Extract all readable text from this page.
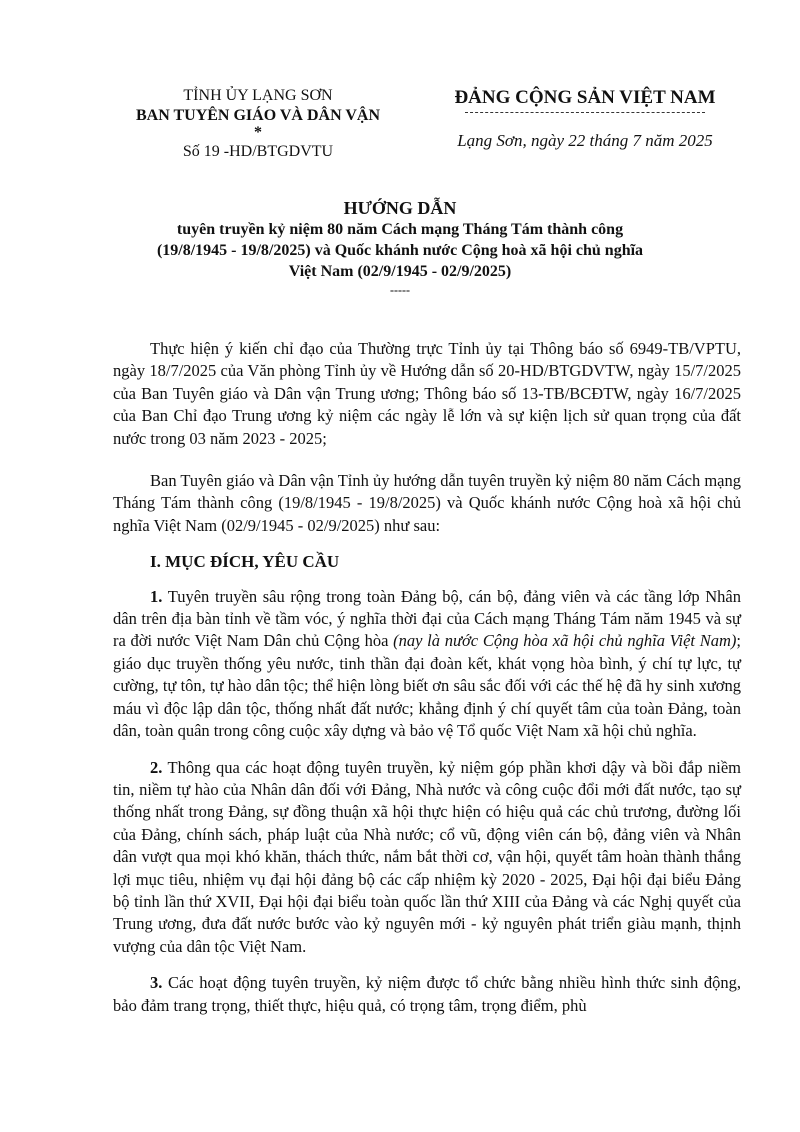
TỈNH ỦY LẠNG SƠN
BAN TUYÊN GIÁO VÀ DÂN VẬN
*
Số 19 -HD/BTGDVTU
ĐẢNG CỘNG SẢN VIỆT NAM
Lạng Sơn, ngày 22 tháng 7 năm 2025
HƯỚNG DẪN
tuyên truyền kỷ niệm 80 năm Cách mạng Tháng Tám thành công
(19/8/1945 - 19/8/2025) và Quốc khánh nước Cộng hoà xã hội chủ nghĩa
Việt Nam (02/9/1945 - 02/9/2025)
-----

Thực hiện ý kiến chỉ đạo của Thường trực Tỉnh ủy tại Thông báo số 6949-TB/VPTU, ngày 18/7/2025 của Văn phòng Tỉnh ủy về Hướng dẫn số 20-HD/BTGDVTW, ngày 15/7/2025 của Ban Tuyên giáo và Dân vận Trung ương; Thông báo số 13-TB/BCĐTW, ngày 16/7/2025 của Ban Chỉ đạo Trung ương kỷ niệm các ngày lễ lớn và sự kiện lịch sử quan trọng của đất nước trong 03 năm 2023 - 2025;

Ban Tuyên giáo và Dân vận Tỉnh ủy hướng dẫn tuyên truyền kỷ niệm 80 năm Cách mạng Tháng Tám thành công (19/8/1945 - 19/8/2025) và Quốc khánh nước Cộng hoà xã hội chủ nghĩa Việt Nam (02/9/1945 - 02/9/2025) như sau:

I. MỤC ĐÍCH, YÊU CẦU

1. Tuyên truyền sâu rộng trong toàn Đảng bộ, cán bộ, đảng viên và các tầng lớp Nhân dân trên địa bàn tỉnh về tầm vóc, ý nghĩa thời đại của Cách mạng Tháng Tám năm 1945 và sự ra đời nước Việt Nam Dân chủ Cộng hòa (nay là nước Cộng hòa xã hội chủ nghĩa Việt Nam); giáo dục truyền thống yêu nước, tinh thần đại đoàn kết, khát vọng hòa bình, ý chí tự lực, tự cường, tự tôn, tự hào dân tộc; thể hiện lòng biết ơn sâu sắc đối với các thế hệ đã hy sinh xương máu vì độc lập dân tộc, thống nhất đất nước; khẳng định ý chí quyết tâm của toàn Đảng, toàn dân, toàn quân trong công cuộc xây dựng và bảo vệ Tổ quốc Việt Nam xã hội chủ nghĩa.

2. Thông qua các hoạt động tuyên truyền, kỷ niệm góp phần khơi dậy và bồi đắp niềm tin, niềm tự hào của Nhân dân đối với Đảng, Nhà nước và công cuộc đổi mới đất nước, tạo sự thống nhất trong Đảng, sự đồng thuận xã hội thực hiện có hiệu quả các chủ trương, đường lối của Đảng, chính sách, pháp luật của Nhà nước; cổ vũ, động viên cán bộ, đảng viên và Nhân dân vượt qua mọi khó khăn, thách thức, nắm bắt thời cơ, vận hội, quyết tâm hoàn thành thắng lợi mục tiêu, nhiệm vụ đại hội đảng bộ các cấp nhiệm kỳ 2020 - 2025, Đại hội đại biểu Đảng bộ tỉnh lần thứ XVII, Đại hội đại biểu toàn quốc lần thứ XIII của Đảng và các Nghị quyết của Trung ương, đưa đất nước bước vào kỷ nguyên mới - kỷ nguyên phát triển giàu mạnh, thịnh vượng của dân tộc Việt Nam.

3. Các hoạt động tuyên truyền, kỷ niệm được tổ chức bằng nhiều hình thức sinh động, bảo đảm trang trọng, thiết thực, hiệu quả, có trọng tâm, trọng điểm, phù
